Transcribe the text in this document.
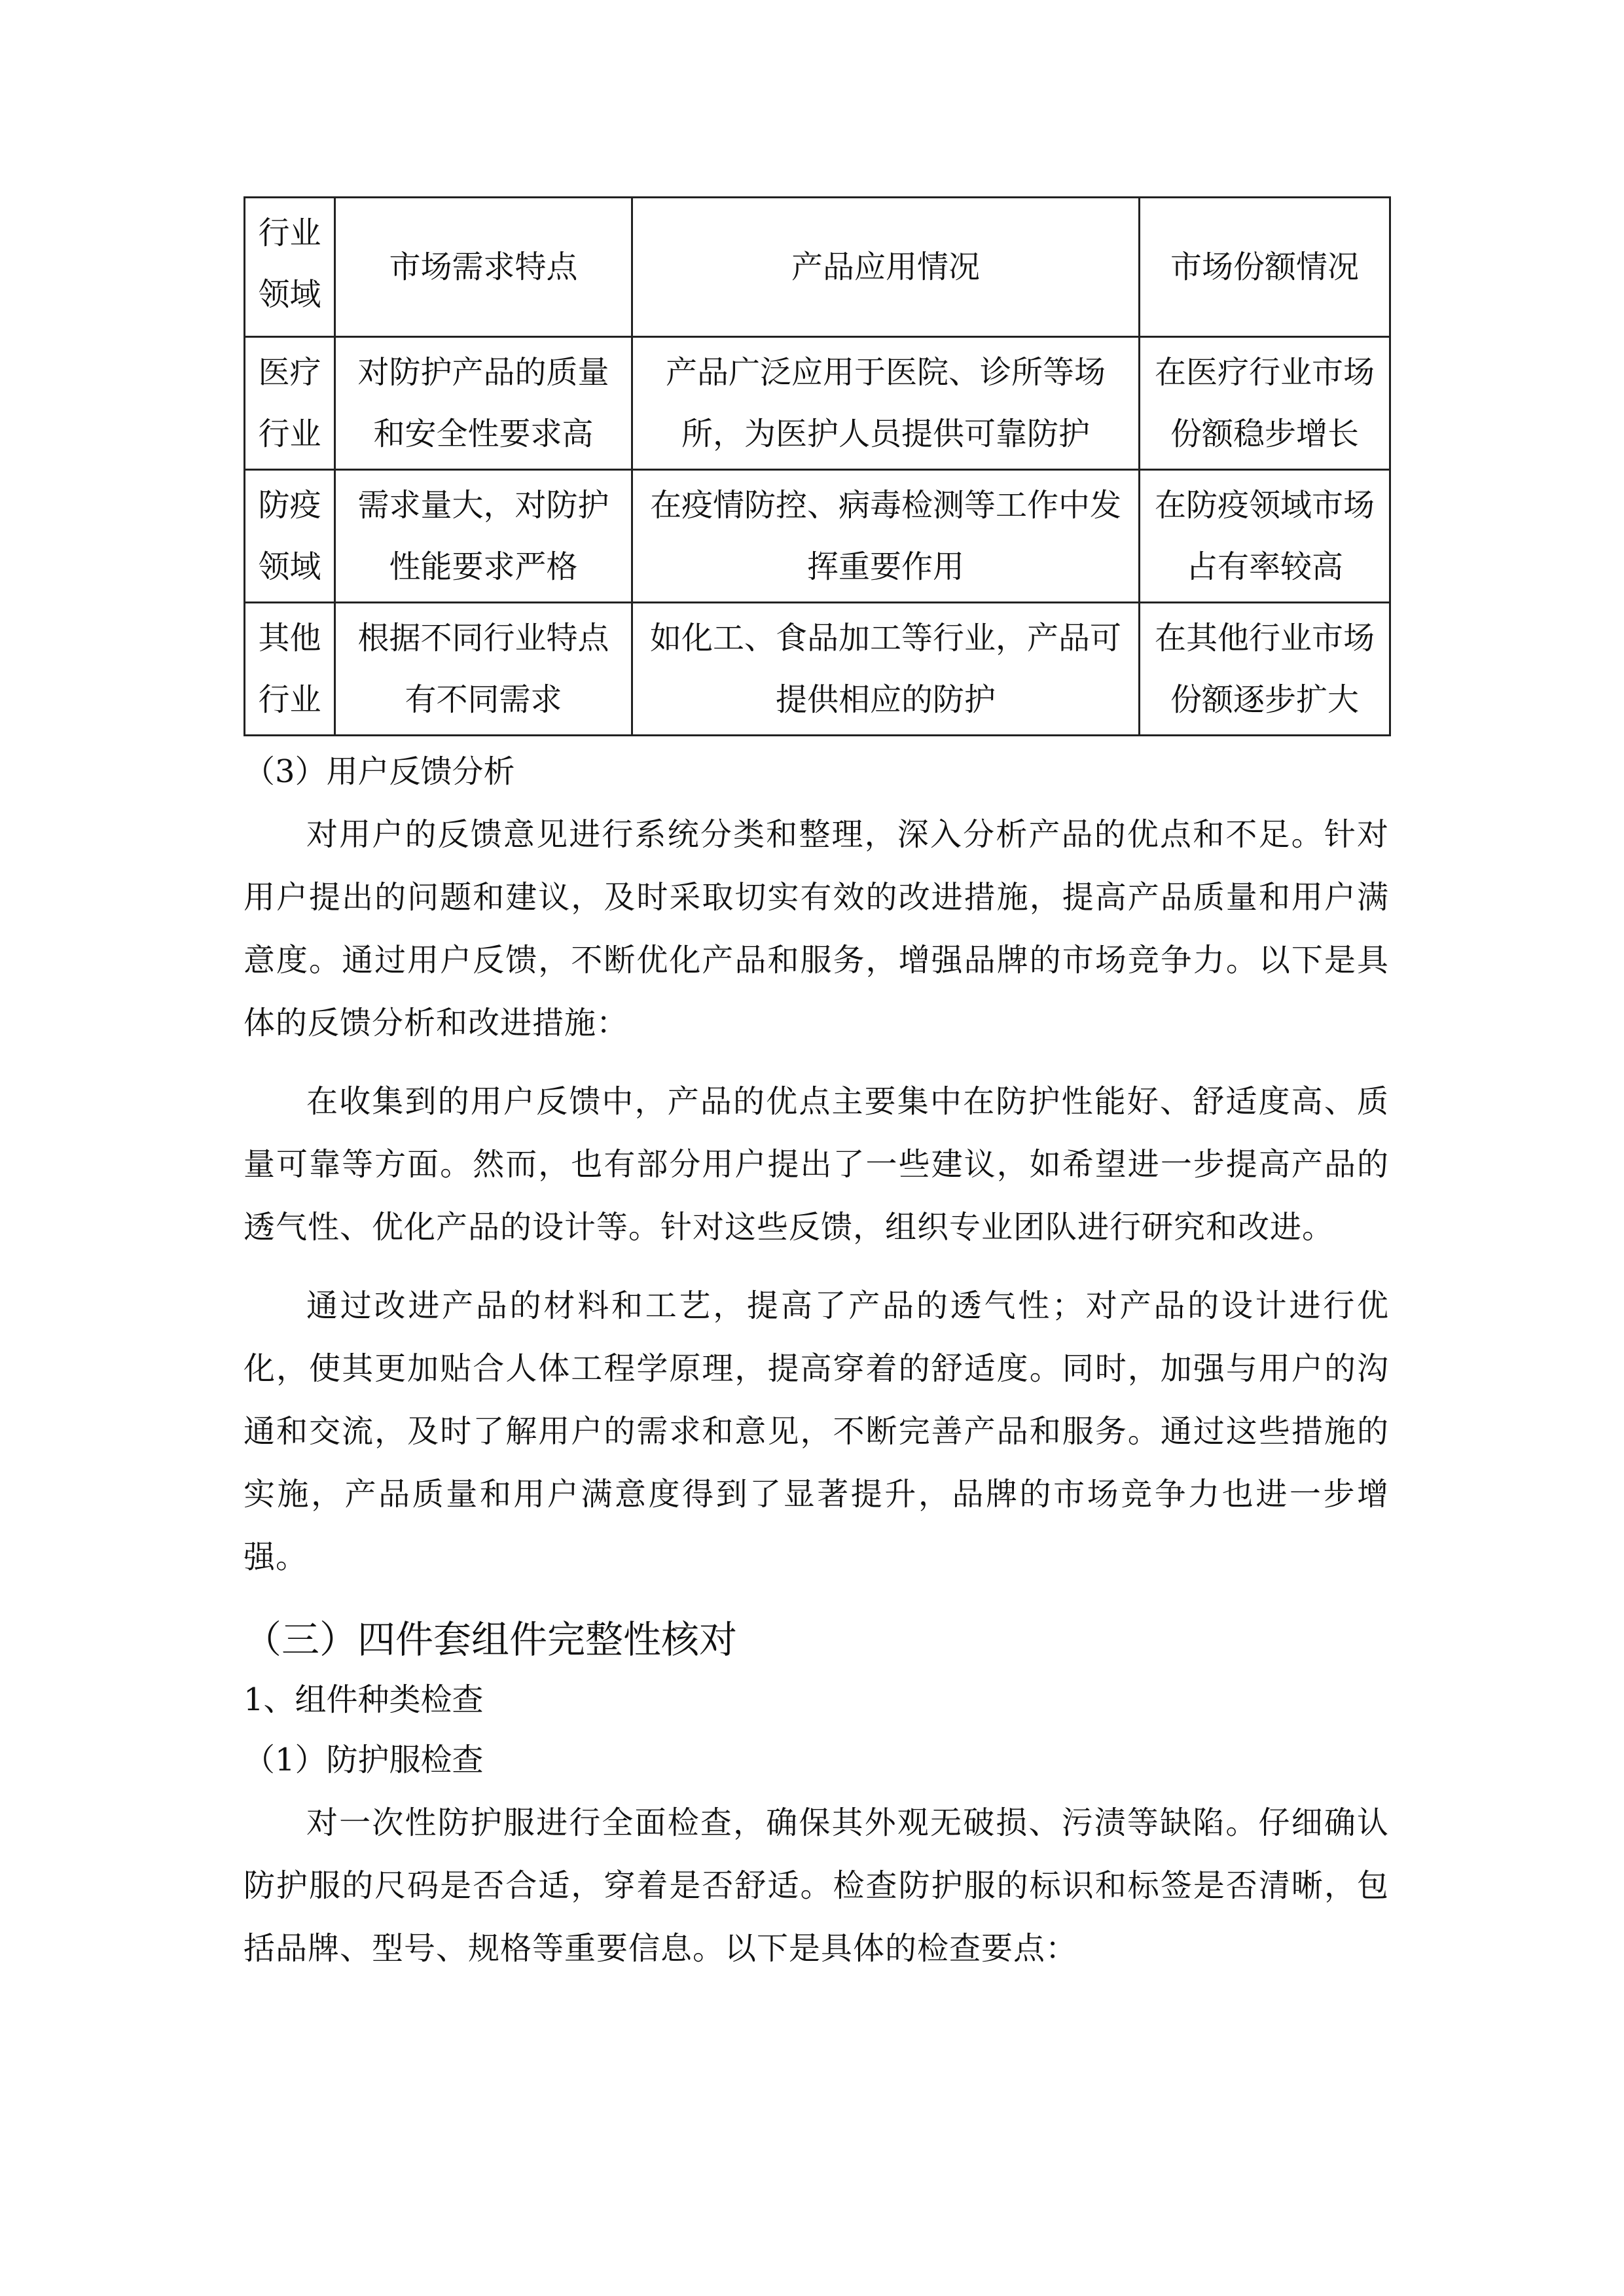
行业领域	市场需求特点	产品应用情况	市场份额情况
医疗行业	对防护产品的质量和安全性要求高	产品广泛应用于医院、诊所等场所，为医护人员提供可靠防护	在医疗行业市场份额稳步增长
防疫领域	需求量大，对防护性能要求严格	在疫情防控、病毒检测等工作中发挥重要作用	在防疫领域市场占有率较高
其他行业	根据不同行业特点有不同需求	如化工、食品加工等行业，产品可提供相应的防护	在其他行业市场份额逐步扩大

（3）用户反馈分析

对用户的反馈意见进行系统分类和整理，深入分析产品的优点和不足。针对用户提出的问题和建议，及时采取切实有效的改进措施，提高产品质量和用户满意度。通过用户反馈，不断优化产品和服务，增强品牌的市场竞争力。以下是具体的反馈分析和改进措施：

在收集到的用户反馈中，产品的优点主要集中在防护性能好、舒适度高、质量可靠等方面。然而，也有部分用户提出了一些建议，如希望进一步提高产品的透气性、优化产品的设计等。针对这些反馈，组织专业团队进行研究和改进。

通过改进产品的材料和工艺，提高了产品的透气性；对产品的设计进行优化，使其更加贴合人体工程学原理，提高穿着的舒适度。同时，加强与用户的沟通和交流，及时了解用户的需求和意见，不断完善产品和服务。通过这些措施的实施，产品质量和用户满意度得到了显著提升，品牌的市场竞争力也进一步增强。

（三）四件套组件完整性核对

1、组件种类检查

（1）防护服检查

对一次性防护服进行全面检查，确保其外观无破损、污渍等缺陷。仔细确认防护服的尺码是否合适，穿着是否舒适。检查防护服的标识和标签是否清晰，包括品牌、型号、规格等重要信息。以下是具体的检查要点：
